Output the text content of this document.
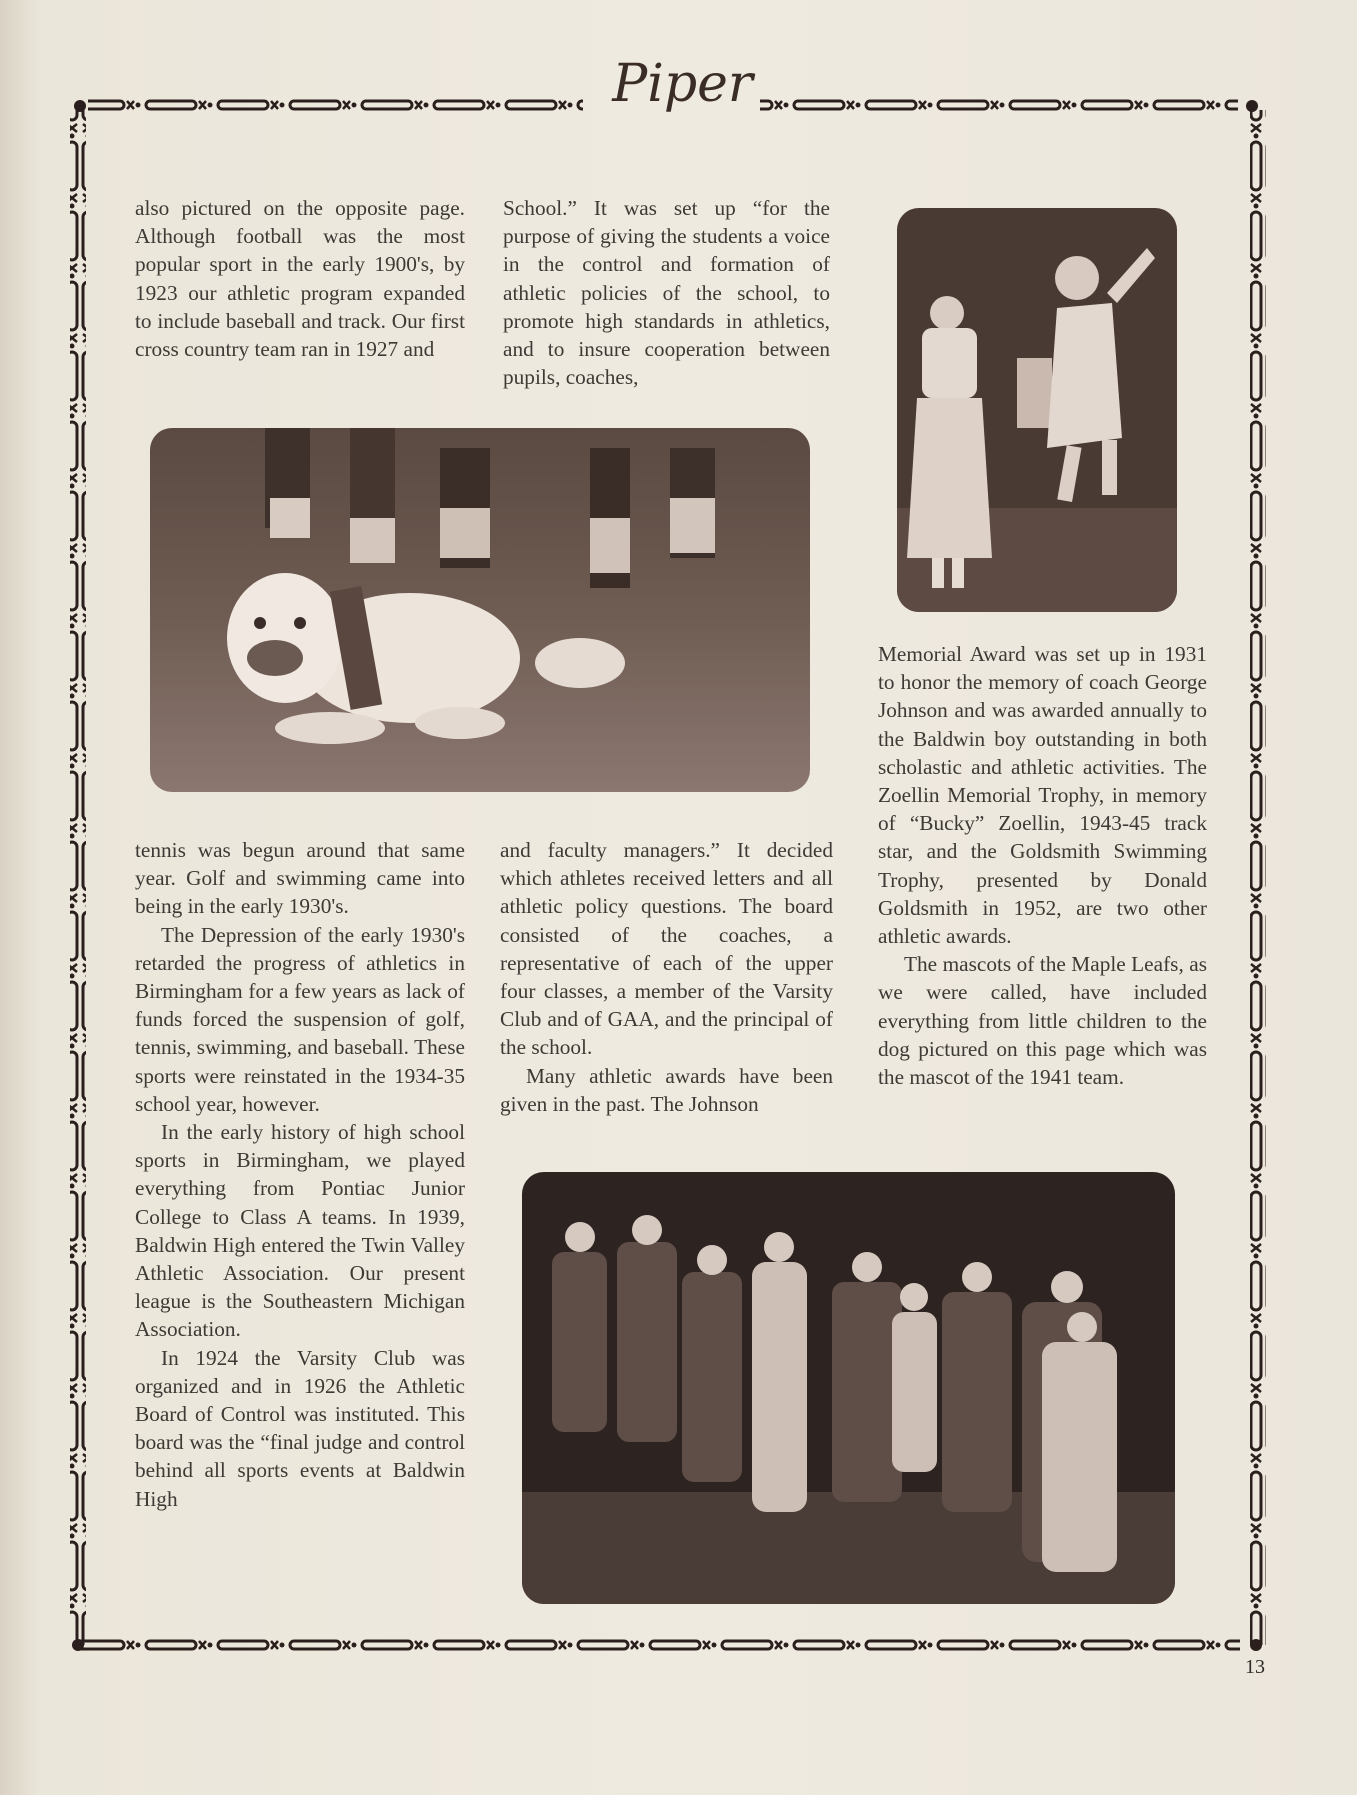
Piper

also pictured on the opposite page. Although football was the most popular sport in the early 1900's, by 1923 our athletic program expanded to include baseball and track. Our first cross country team ran in 1927 and

School.” It was set up “for the purpose of giving the students a voice in the control and formation of athletic policies of the school, to promote high standards in athletics, and to insure cooperation between pupils, coaches,

Memorial Award was set up in 1931 to honor the memory of coach George Johnson and was awarded annually to the Baldwin boy outstanding in both scholastic and athletic activities. The Zoellin Memorial Trophy, in memory of “Bucky” Zoellin, 1943-45 track star, and the Goldsmith Swimming Trophy, presented by Donald Goldsmith in 1952, are two other athletic awards.

The mascots of the Maple Leafs, as we were called, have included everything from little children to the dog pictured on this page which was the mascot of the 1941 team.

tennis was begun around that same year. Golf and swimming came into being in the early 1930's.

The Depression of the early 1930's retarded the progress of athletics in Birmingham for a few years as lack of funds forced the suspension of golf, tennis, swimming, and baseball. These sports were reinstated in the 1934-35 school year, however.

In the early history of high school sports in Birmingham, we played everything from Pontiac Junior College to Class A teams. In 1939, Baldwin High entered the Twin Valley Athletic Association. Our present league is the Southeastern Michigan Association.

In 1924 the Varsity Club was organized and in 1926 the Athletic Board of Control was instituted. This board was the “final judge and control behind all sports events at Baldwin High

and faculty managers.” It decided which athletes received letters and all athletic policy questions. The board consisted of the coaches, a representative of each of the upper four classes, a member of the Varsity Club and of GAA, and the principal of the school.

Many athletic awards have been given in the past. The Johnson

13
